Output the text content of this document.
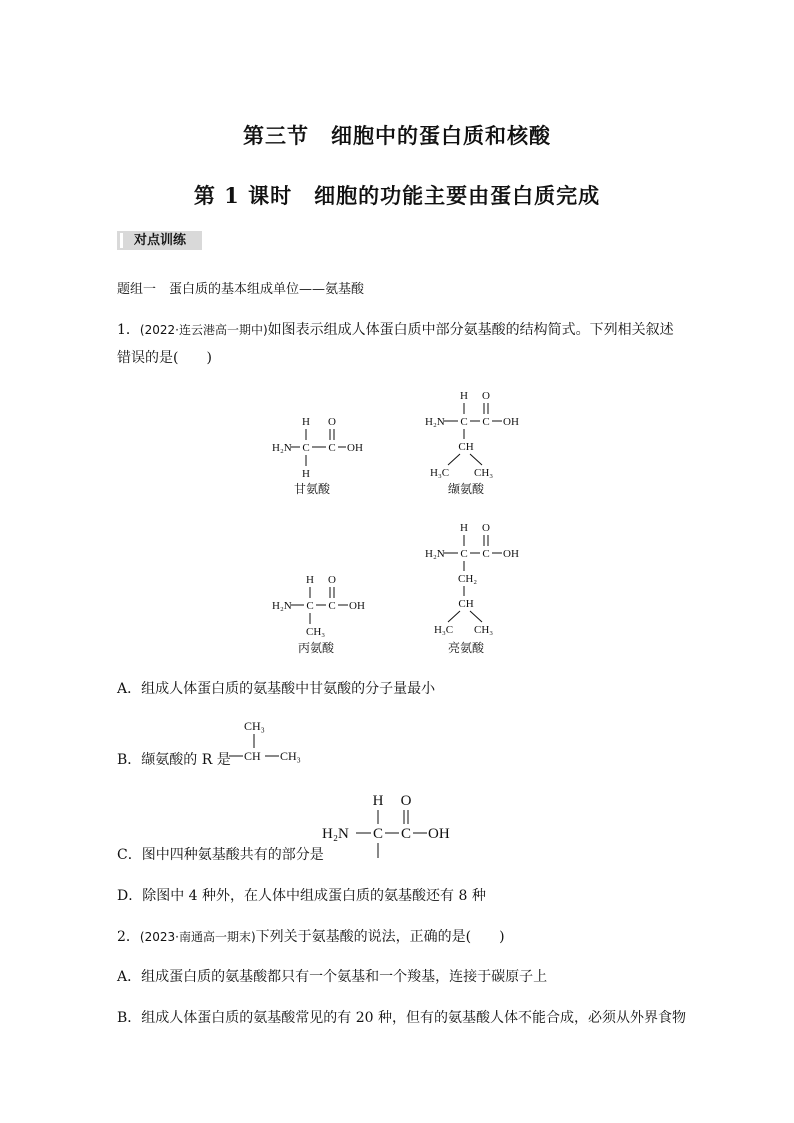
第三节　细胞中的蛋白质和核酸
第 1 课时　细胞的功能主要由蛋白质完成
对点训练
题组一　蛋白质的基本组成单位——氨基酸
1．(2022·连云港高一期中)如图表示组成人体蛋白质中部分氨基酸的结构简式。下列相关叙述
错误的是(　　)
H O
H₂N C C OH
H
甘氨酸
H O
H₂N C C OH
CH
H₃C CH₃
缬氨酸
H O
H₂N C C OH
CH₃
丙氨酸
H O
H₂N C C OH
CH₂
CH
H₃C CH₃
亮氨酸
A．组成人体蛋白质的氨基酸中甘氨酸的分子量最小
B．缬氨酸的 R 是
CH₃
CH CH₃
C．图中四种氨基酸共有的部分是
H O
H₂N C C OH
D．除图中 4 种外，在人体中组成蛋白质的氨基酸还有 8 种
2．(2023·南通高一期末)下列关于氨基酸的说法，正确的是(　　)
A．组成蛋白质的氨基酸都只有一个氨基和一个羧基，连接于碳原子上
B．组成人体蛋白质的氨基酸常见的有 20 种，但有的氨基酸人体不能合成，必须从外界食物
